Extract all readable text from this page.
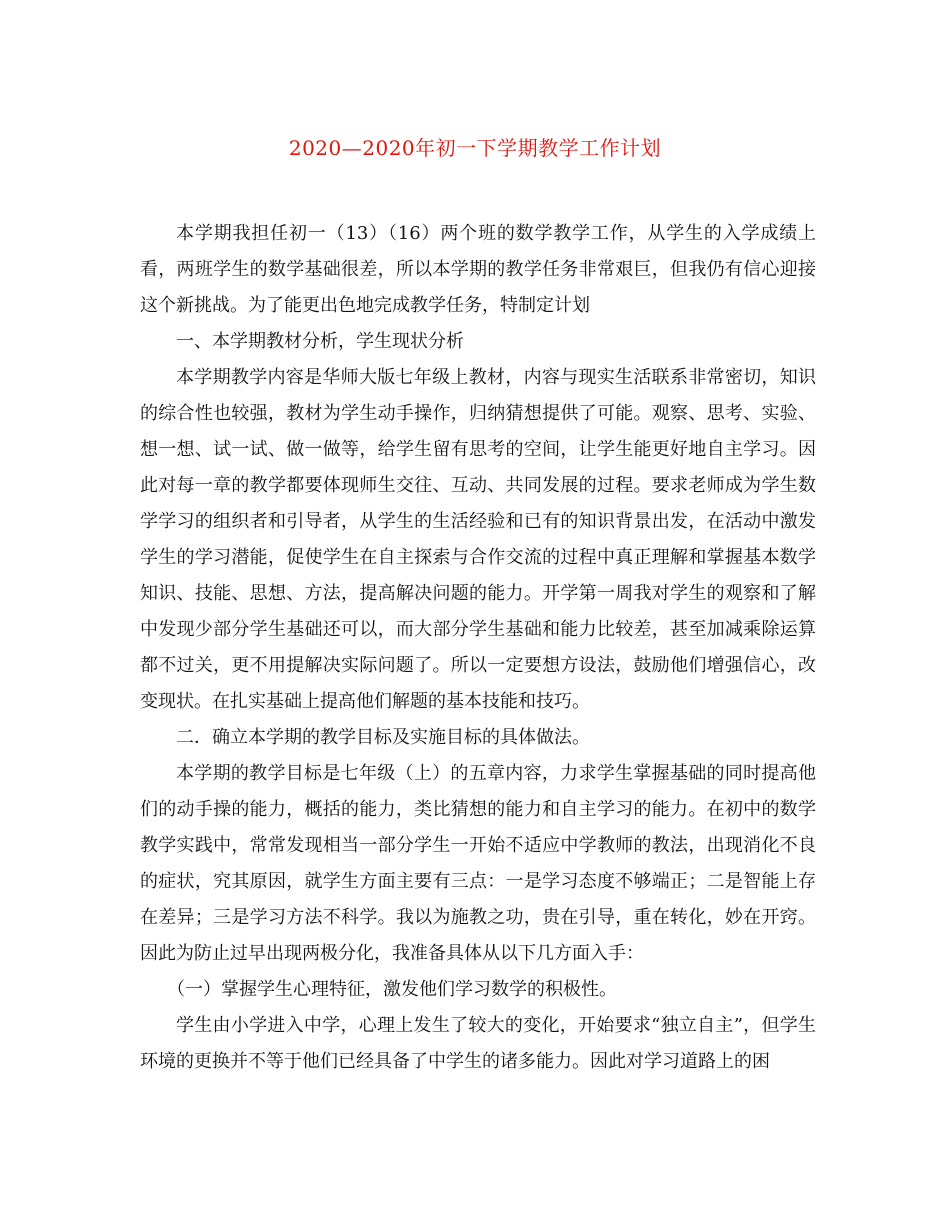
2020—2020年初一下学期教学工作计划

本学期我担任初一（13）（16）两个班的数学教学工作，从学生的入学成绩上看，两班学生的数学基础很差，所以本学期的教学任务非常艰巨，但我仍有信心迎接这个新挑战。为了能更出色地完成教学任务，特制定计划

一、本学期教材分析，学生现状分析

本学期教学内容是华师大版七年级上教材，内容与现实生活联系非常密切，知识的综合性也较强，教材为学生动手操作，归纳猜想提供了可能。观察、思考、实验、想一想、试一试、做一做等，给学生留有思考的空间，让学生能更好地自主学习。因此对每一章的教学都要体现师生交往、互动、共同发展的过程。要求老师成为学生数学学习的组织者和引导者，从学生的生活经验和已有的知识背景出发，在活动中激发学生的学习潜能，促使学生在自主探索与合作交流的过程中真正理解和掌握基本数学知识、技能、思想、方法，提高解决问题的能力。开学第一周我对学生的观察和了解中发现少部分学生基础还可以，而大部分学生基础和能力比较差，甚至加减乘除运算都不过关，更不用提解决实际问题了。所以一定要想方设法，鼓励他们增强信心，改变现状。在扎实基础上提高他们解题的基本技能和技巧。

二．确立本学期的教学目标及实施目标的具体做法。

本学期的教学目标是七年级（上）的五章内容，力求学生掌握基础的同时提高他们的动手操的能力，概括的能力，类比猜想的能力和自主学习的能力。在初中的数学教学实践中，常常发现相当一部分学生一开始不适应中学教师的教法，出现消化不良的症状，究其原因，就学生方面主要有三点：一是学习态度不够端正；二是智能上存在差异；三是学习方法不科学。我以为施教之功，贵在引导，重在转化，妙在开窍。因此为防止过早出现两极分化，我准备具体从以下几方面入手：

（一）掌握学生心理特征，激发他们学习数学的积极性。

学生由小学进入中学，心理上发生了较大的变化，开始要求“独立自主”，但学生环境的更换并不等于他们已经具备了中学生的诸多能力。因此对学习道路上的困
